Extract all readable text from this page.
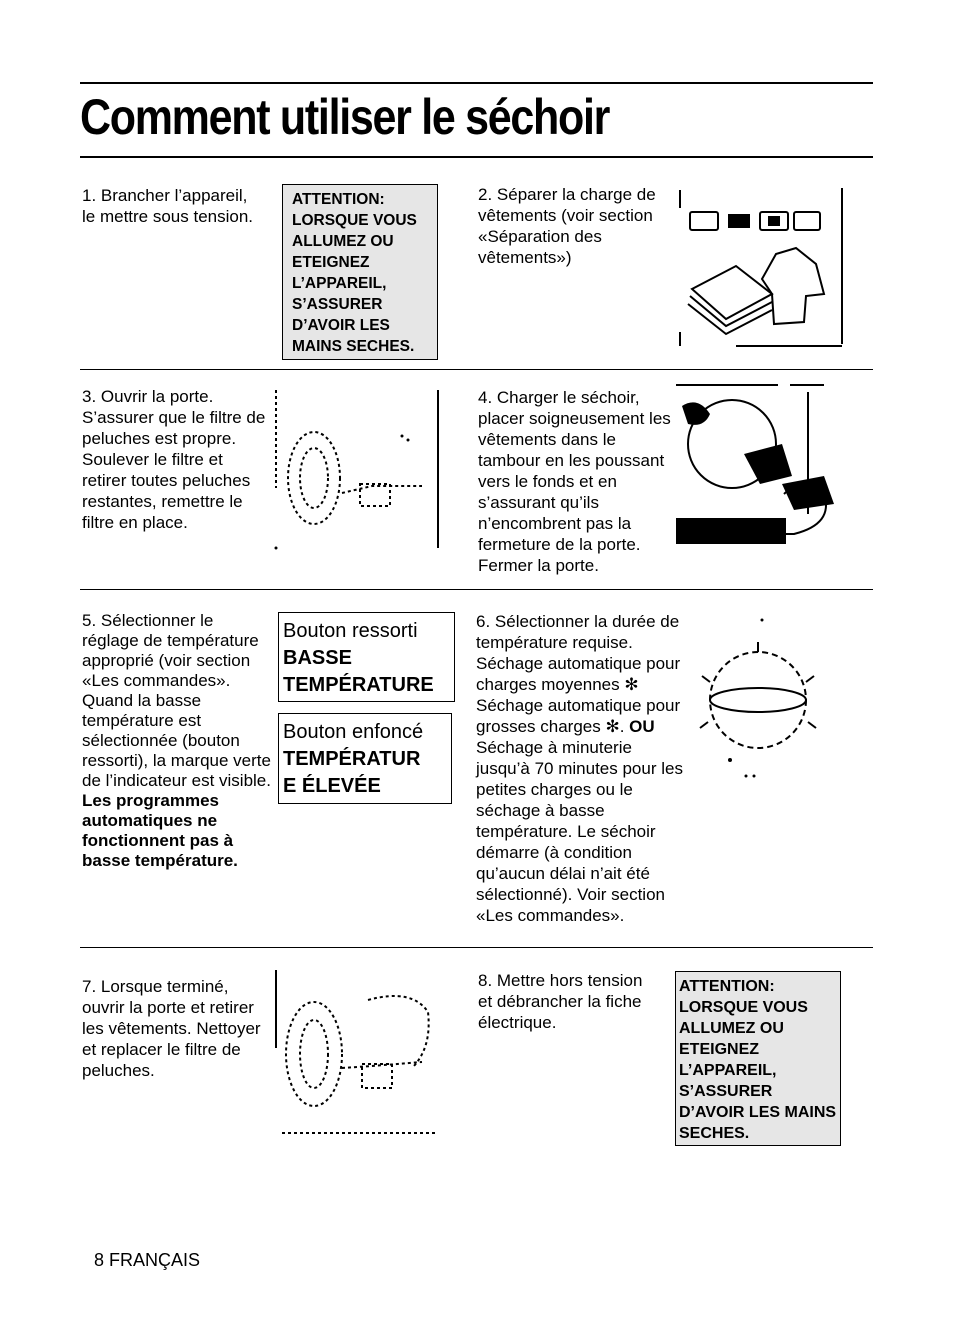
Comment utiliser le séchoir
1. Brancher l’appareil, le mettre sous tension.
ATTENTION: LORSQUE VOUS ALLUMEZ OU ETEIGNEZ L’APPAREIL, S’ASSURER D’AVOIR LES MAINS SECHES.
2. Séparer la charge de vêtements (voir section «Séparation des vêtements»)
3. Ouvrir la porte. S’assurer que le filtre de peluches est propre. Soulever le filtre et retirer toutes peluches restantes, remettre le filtre en place.
4. Charger le séchoir, placer soigneusement les vêtements dans le tambour en les poussant vers le fonds et en s’assurant qu’ils n’encombrent pas la fermeture de la porte. Fermer la porte.
5. Sélectionner le réglage de température approprié (voir section «Les commandes». Quand la basse température est sélectionnée (bouton ressorti), la marque verte de l’indicateur est visible. Les programmes automatiques ne fonctionnent pas à basse température.
Bouton ressorti
BASSE
TEMPÉRATURE
Bouton enfoncé
TEMPÉRATUR
E ÉLEVÉE
6. Sélectionner la durée de température requise. Séchage automatique pour charges moyennes ✻ Séchage automatique pour grosses charges ✻. OU Séchage à minuterie jusqu’à 70 minutes pour les petites charges ou le séchage à basse température. Le séchoir démarre (à condition qu’aucun délai n’ait été sélectionné). Voir section «Les commandes».
7. Lorsque terminé, ouvrir la porte et retirer les vêtements. Nettoyer et replacer le filtre de peluches.
8. Mettre hors tension et débrancher la fiche électrique.
ATTENTION: LORSQUE VOUS ALLUMEZ OU ETEIGNEZ L’APPAREIL, S’ASSURER D’AVOIR LES MAINS SECHES.
8 FRANÇAIS
